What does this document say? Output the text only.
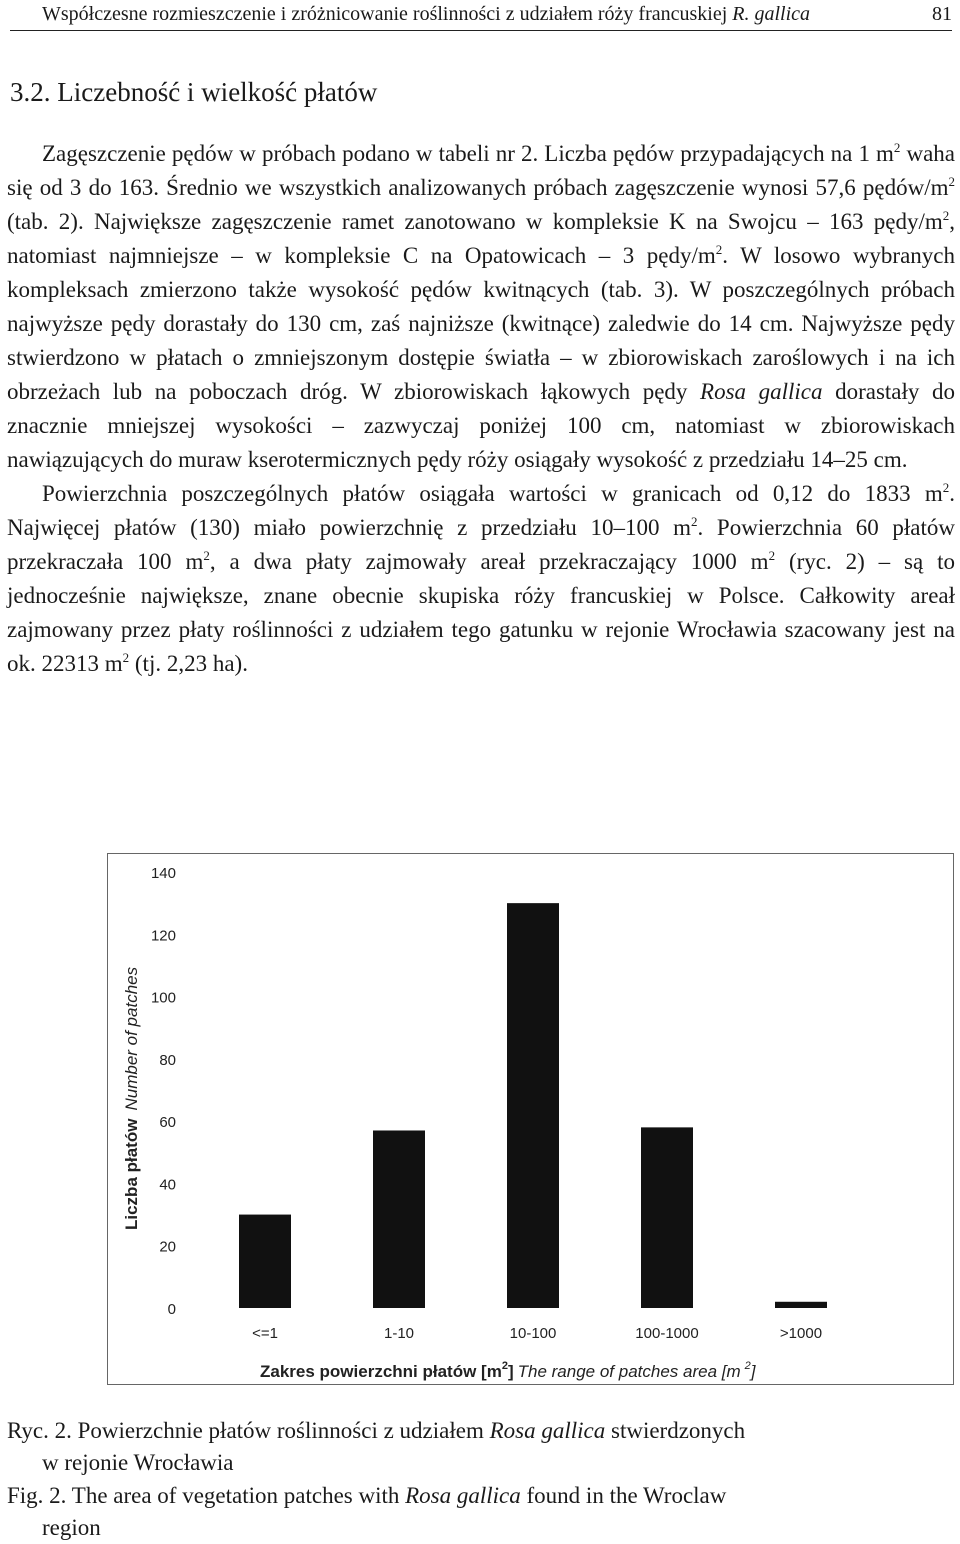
Współczesne rozmieszczenie i zróżnicowanie roślinności z udziałem róży francuskiej R. gallica	81
3.2. Liczebność i wielkość płatów

Zagęszczenie pędów w próbach podano w tabeli nr 2. Liczba pędów przypadających na 1 $m^2$ waha się od 3 do 163. Średnio we wszystkich analizowanych próbach zagęszczenie wynosi 57,6 pędów/$m^2$ (tab. 2). Największe zagęszczenie ramet zanotowano w kompleksie K na Swojcu – 163 pędy/$m^2$, natomiast najmniejsze – w kompleksie C na Opatowicach – 3 pędy/$m^2$. W losowo wybranych kompleksach zmierzono także wysokość pędów kwitnących (tab. 3). W poszczególnych próbach najwyższe pędy dorastały do 130 cm, zaś najniższe (kwitnące) zaledwie do 14 cm. Najwyższe pędy stwierdzono w płatach o zmniejszonym dostępie światła – w zbiorowiskach zaroślowych i na ich obrzeżach lub na poboczach dróg. W zbiorowiskach łąkowych pędy Rosa gallica dorastały do znacznie mniejszej wysokości – zazwyczaj poniżej 100 cm, natomiast w zbiorowiskach nawiązujących do muraw kserotermicznych pędy róży osiągały wysokość z przedziału 14–25 cm.

Powierzchnia poszczególnych płatów osiągała wartości w granicach od 0,12 do 1833 $m^2$. Najwięcej płatów (130) miało powierzchnię z przedziału 10–100 $m^2$. Powierzchnia 60 płatów przekraczała 100 $m^2$, a dwa płaty zajmowały areał przekraczający 1000 $m^2$ (ryc. 2) – są to jednocześnie największe, znane obecnie skupiska róży francuskiej w Polsce. Całkowity areał zajmowany przez płaty roślinności z udziałem tego gatunku w rejonie Wrocławia szacowany jest na ok. 22313 $m^2$ (tj. 2,23 ha).

0
20
40
60
80
100
120
140
<=1	1-10	10-100	100-1000	>1000
Liczba płatówNumber of patches
Zakres powierzchni płatów $[m^2]$ The range of patches area [m $^2$]
Ryc. 2. Powierzchnie płatów roślinności z udziałem Rosa gallica stwierdzonych
w rejonie Wrocławia
Fig. 2. The area of vegetation patches with Rosa gallica found in the Wroclaw
region
